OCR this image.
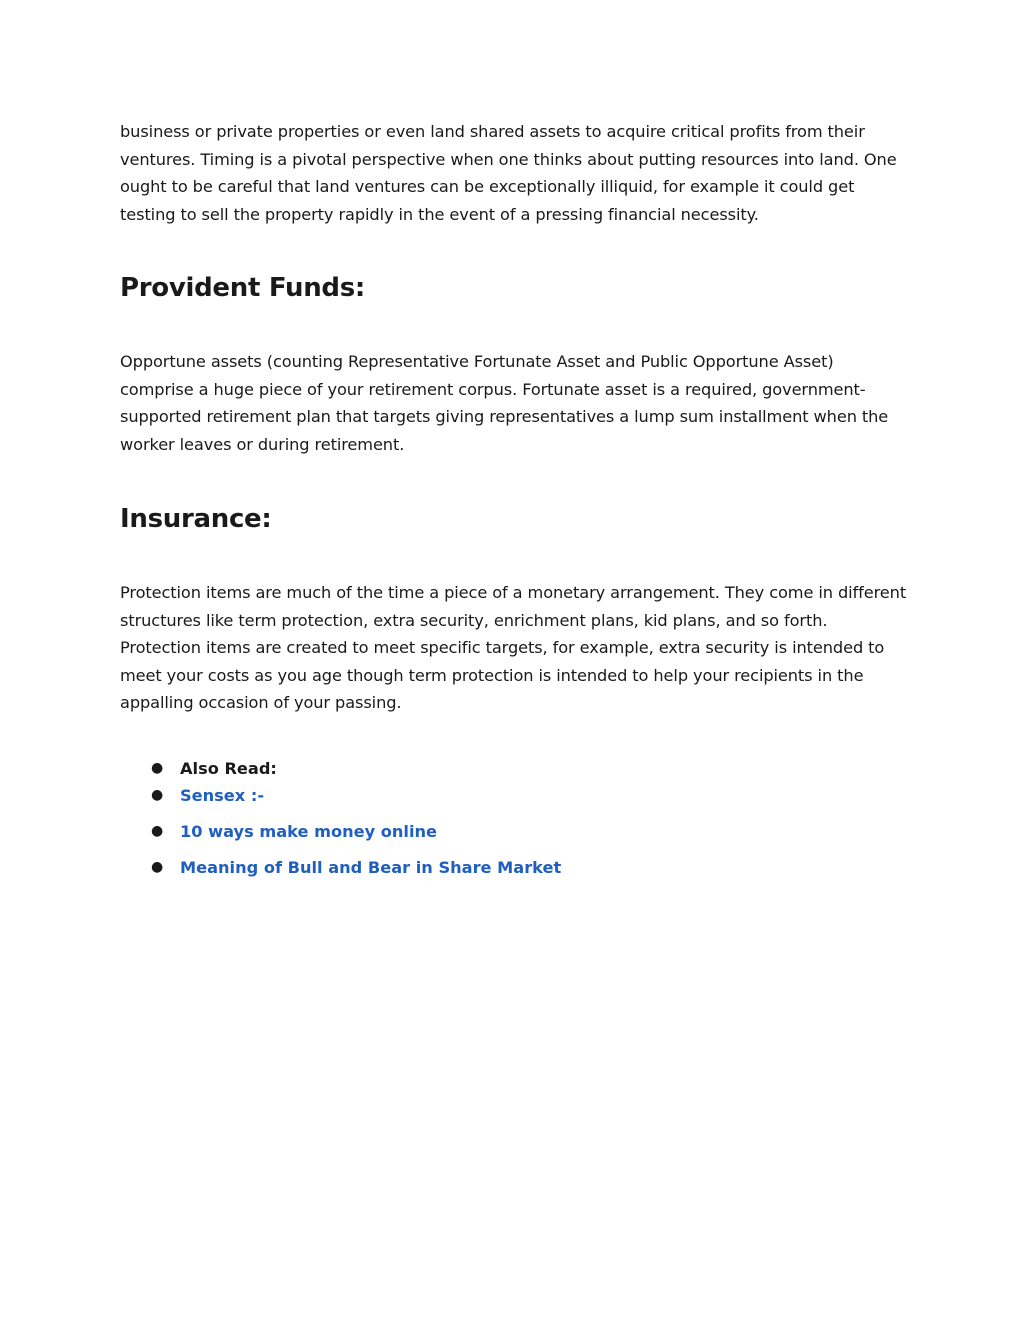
business or private properties or even land shared assets to acquire critical profits from their ventures. Timing is a pivotal perspective when one thinks about putting resources into land. One ought to be careful that land ventures can be exceptionally illiquid, for example it could get testing to sell the property rapidly in the event of a pressing financial necessity.

Provident Funds:

Opportune assets (counting Representative Fortunate Asset and Public Opportune Asset) comprise a huge piece of your retirement corpus. Fortunate asset is a required, government-supported retirement plan that targets giving representatives a lump sum installment when the worker leaves or during retirement.

Insurance:

Protection items are much of the time a piece of a monetary arrangement. They come in different structures like term protection, extra security, enrichment plans, kid plans, and so forth. Protection items are created to meet specific targets, for example, extra security is intended to meet your costs as you age though term protection is intended to help your recipients in the appalling occasion of your passing.

● Also Read:
● Sensex :-
● 10 ways make money online
● Meaning of Bull and Bear in Share Market
